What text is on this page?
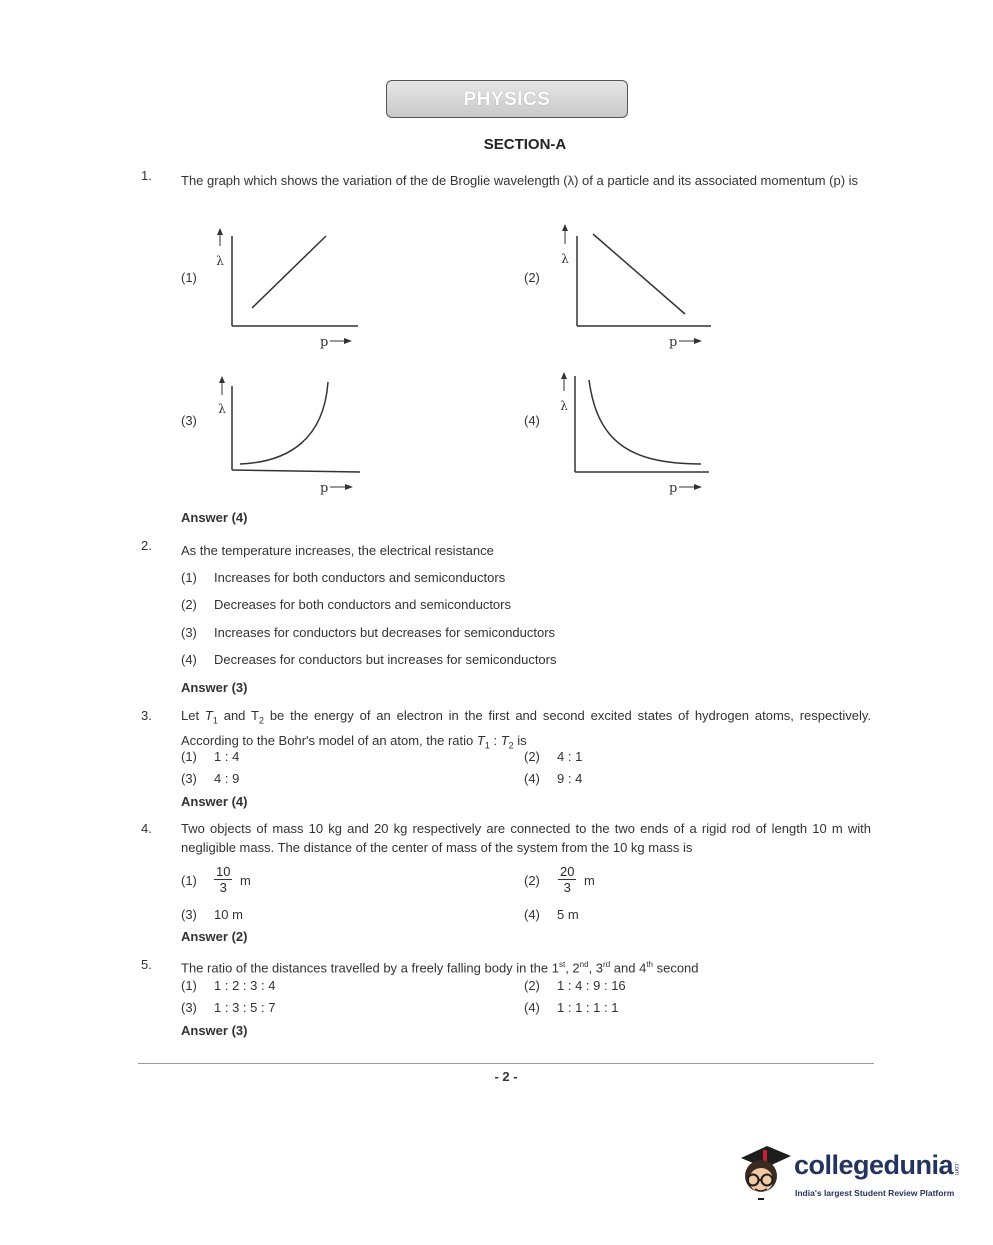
PHYSICS
SECTION-A
1. The graph which shows the variation of the de Broglie wavelength (λ) of a particle and its associated momentum (p) is
(1)	(2)
(3)	(4)
λ
p
λ
p
λ
p
λ
p
Answer (4)
2. As the temperature increases, the electrical resistance
(1) Increases for both conductors and semiconductors
(2) Decreases for both conductors and semiconductors
(3) Increases for conductors but decreases for semiconductors
(4) Decreases for conductors but increases for semiconductors
Answer (3)
3. Let $T_1$ and $T_2$ be the energy of an electron in the first and second excited states of hydrogen atoms, respectively. According to the Bohr's model of an atom, the ratio $T_1$ : $T_2$ is
(1) 1 : 4	(2) 4 : 1
(3) 4 : 9	(4) 9 : 4
Answer (4)
4. Two objects of mass 10 kg and 20 kg respectively are connected to the two ends of a rigid rod of length 10 m with negligible mass. The distance of the center of mass of the system from the 10 kg mass is
$(1) \frac{10}{3}$ m	$(2) \frac{20}{3}$ m
(3) 10 m	(4) 5 m
Answer (2)
5. The ratio of the distances travelled by a freely falling body in the 1st, 2nd, 3rd and 4th second
(1) 1 : 2 : 3 : 4	(2) 1 : 4 : 9 : 16
(3) 1 : 3 : 5 : 7	(4) 1 : 1 : 1 : 1
Answer (3)
- 2 -
collegedunia .com
India's largest Student Review Platform
